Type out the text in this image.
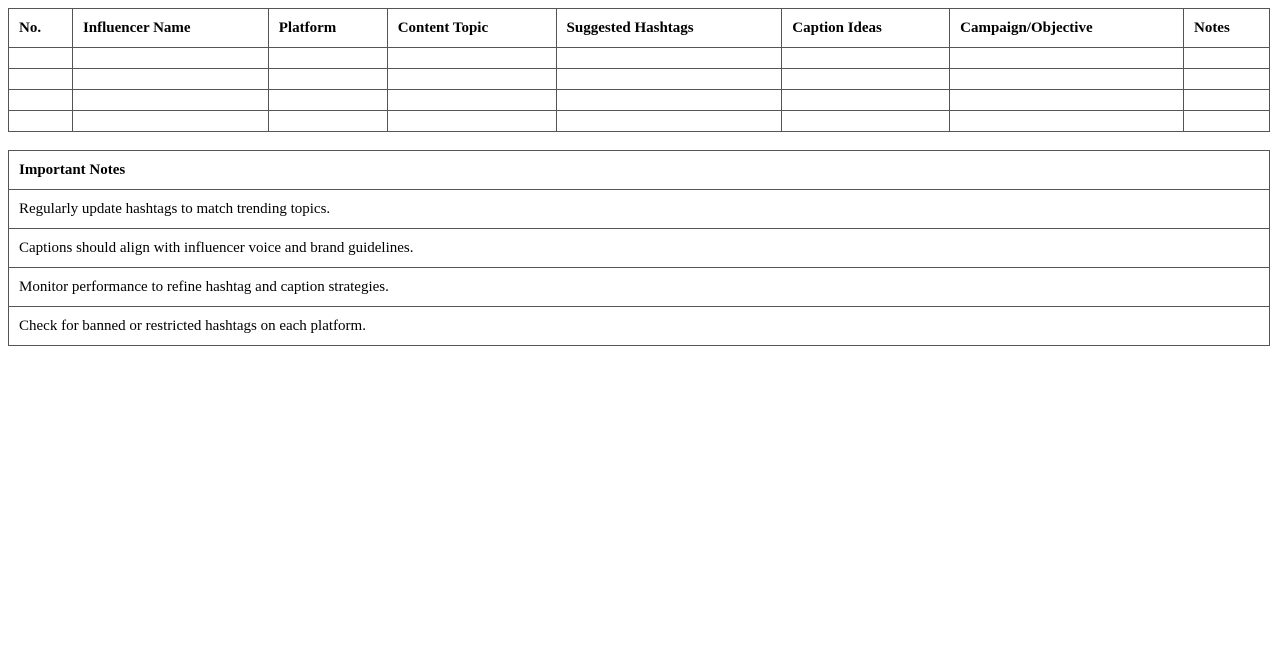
No.	Influencer Name	Platform	Content Topic	Suggested Hashtags	Caption Ideas	Campaign/Objective	Notes

Important Notes
Regularly update hashtags to match trending topics.
Captions should align with influencer voice and brand guidelines.
Monitor performance to refine hashtag and caption strategies.
Check for banned or restricted hashtags on each platform.
